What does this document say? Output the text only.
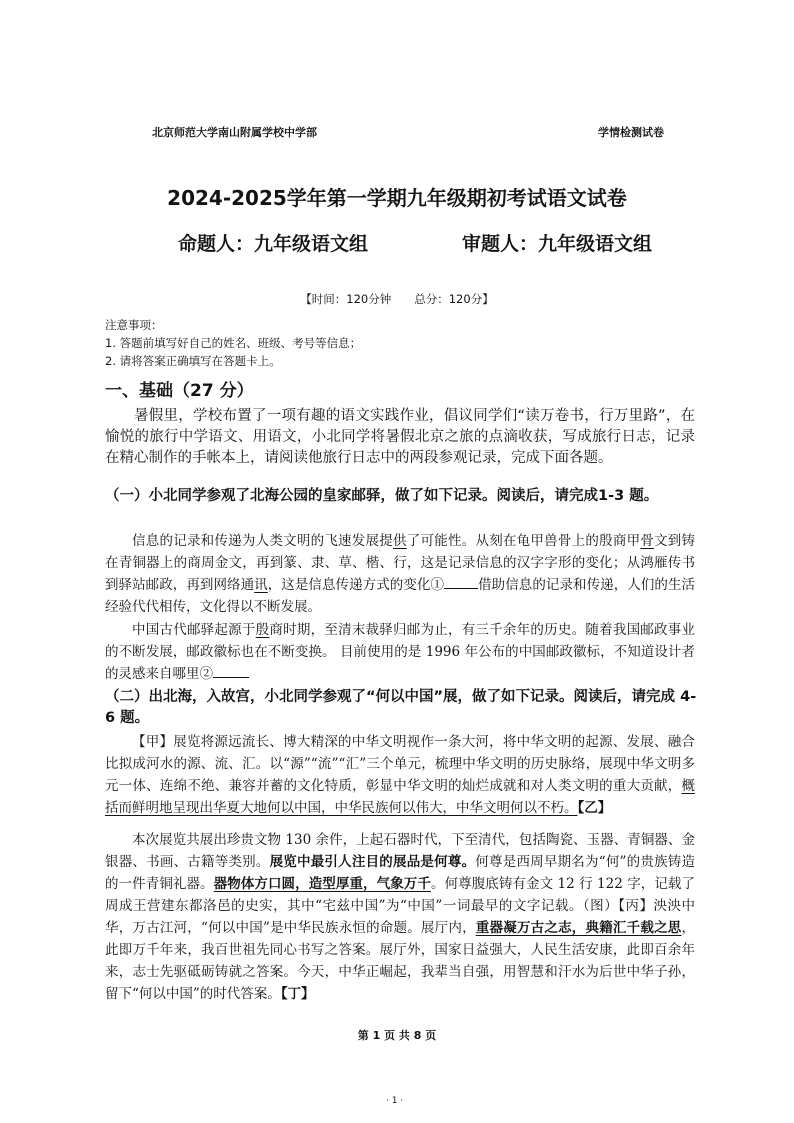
北京师范大学南山附属学校中学部	学情检测试卷
2024-2025学年第一学期九年级期初考试语文试卷
命题人：九年级语文组	审题人：九年级语文组
【时间：120分钟　　总分：120分】
注意事项：
1. 答题前填写好自己的姓名、班级、考号等信息；
2. 请将答案正确填写在答题卡上。
一、基础（27 分）
暑假里，学校布置了一项有趣的语文实践作业，倡议同学们“读万卷书，行万里路”，在愉悦的旅行中学语文、用语文，小北同学将暑假北京之旅的点滴收获，写成旅行日志，记录在精心制作的手帐本上，请阅读他旅行日志中的两段参观记录，完成下面各题。
（一）小北同学参观了北海公园的皇家邮驿，做了如下记录。阅读后，请完成1-3 题。
信息的记录和传递为人类文明的飞速发展提供了可能性。从刻在龟甲兽骨上的殷商甲骨文到铸在青铜器上的商周金文，再到篆、隶、草、楷、行，这是记录信息的汉字字形的变化；从鸿雁传书到驿站邮政，再到网络通讯，这是信息传递方式的变化①	借助信息的记录和传递，人们的生活经验代代相传，文化得以不断发展。
中国古代邮驿起源于殷商时期，至清末裁驿归邮为止，有三千余年的历史。随着我国邮政事业的不断发展，邮政徽标也在不断变换。 目前使用的是 1996 年公布的中国邮政徽标，不知道设计者的灵感来自哪里②
（二）出北海，入故宫，小北同学参观了“何以中国”展，做了如下记录。阅读后，请完成 4-6 题。
【甲】展览将源远流长、博大精深的中华文明视作一条大河，将中华文明的起源、发展、融合比拟成河水的源、流、汇。以“源”“流”“汇”三个单元，梳理中华文明的历史脉络，展现中华文明多元一体、连绵不绝、兼容并蓄的文化特质，彰显中华文明的灿烂成就和对人类文明的重大贡献，概括而鲜明地呈现出华夏大地何以中国，中华民族何以伟大，中华文明何以不朽。【乙】
本次展览共展出珍贵文物 130 余件，上起石器时代，下至清代，包括陶瓷、玉器、青铜器、金银器、书画、古籍等类别。展览中最引人注目的展品是何尊。何尊是西周早期名为“何”的贵族铸造的一件青铜礼器。器物体方口圆，造型厚重，气象万千。何尊腹底铸有金文 12 行 122 字，记载了周成王营建东都洛邑的史实，其中“宅兹中国”为“中国”一词最早的文字记载。（图）【丙】泱泱中华，万古江河，“何以中国”是中华民族永恒的命题。展厅内，重器凝万古之志，典籍汇千载之思，此即万千年来，我百世祖先同心书写之答案。展厅外，国家日益强大，人民生活安康，此即百余年来，志士先驱砥砺铸就之答案。今天，中华正崛起，我辈当自强，用智慧和汗水为后世中华子孙，留下“何以中国”的时代答案。【丁】
第 1 页 共 8 页
· 1 ·
